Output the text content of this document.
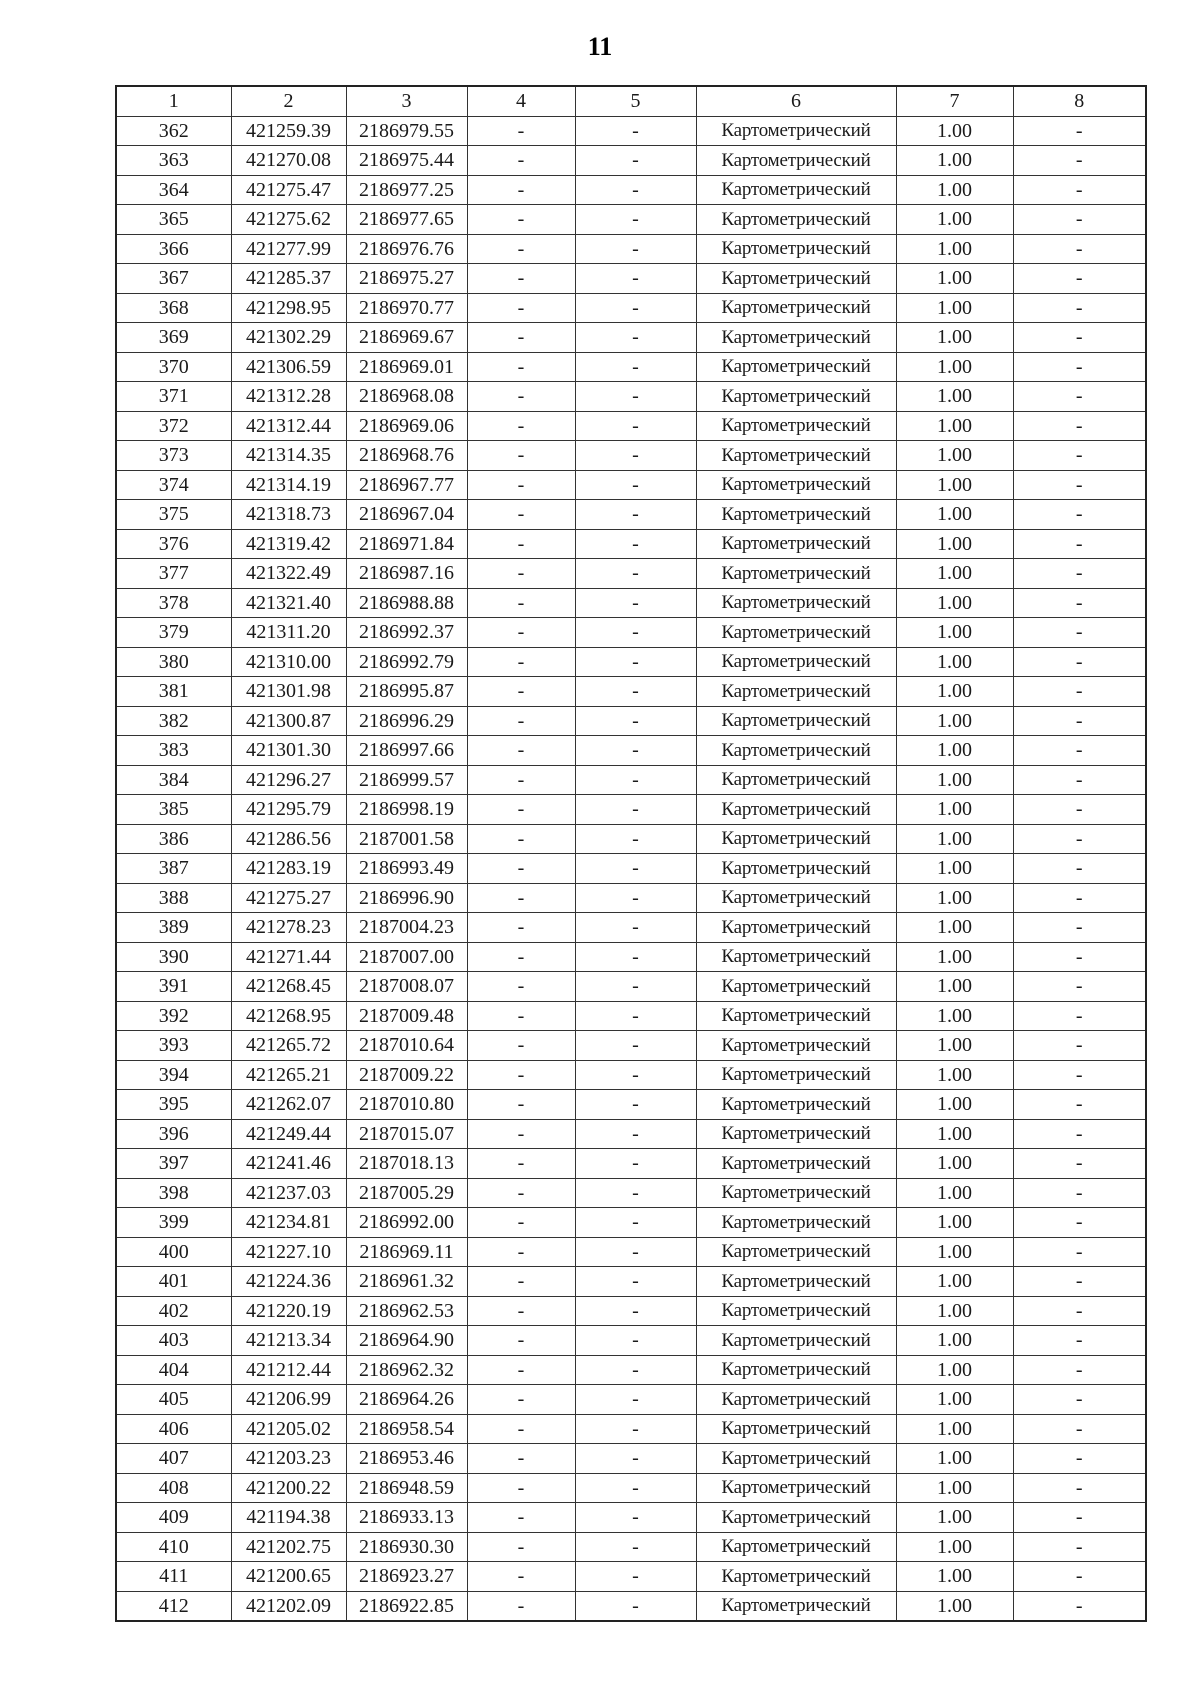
11
1	2	3	4	5	6	7	8
362	421259.39	2186979.55	-	-	Картометрический	1.00	-
363	421270.08	2186975.44	-	-	Картометрический	1.00	-
364	421275.47	2186977.25	-	-	Картометрический	1.00	-
365	421275.62	2186977.65	-	-	Картометрический	1.00	-
366	421277.99	2186976.76	-	-	Картометрический	1.00	-
367	421285.37	2186975.27	-	-	Картометрический	1.00	-
368	421298.95	2186970.77	-	-	Картометрический	1.00	-
369	421302.29	2186969.67	-	-	Картометрический	1.00	-
370	421306.59	2186969.01	-	-	Картометрический	1.00	-
371	421312.28	2186968.08	-	-	Картометрический	1.00	-
372	421312.44	2186969.06	-	-	Картометрический	1.00	-
373	421314.35	2186968.76	-	-	Картометрический	1.00	-
374	421314.19	2186967.77	-	-	Картометрический	1.00	-
375	421318.73	2186967.04	-	-	Картометрический	1.00	-
376	421319.42	2186971.84	-	-	Картометрический	1.00	-
377	421322.49	2186987.16	-	-	Картометрический	1.00	-
378	421321.40	2186988.88	-	-	Картометрический	1.00	-
379	421311.20	2186992.37	-	-	Картометрический	1.00	-
380	421310.00	2186992.79	-	-	Картометрический	1.00	-
381	421301.98	2186995.87	-	-	Картометрический	1.00	-
382	421300.87	2186996.29	-	-	Картометрический	1.00	-
383	421301.30	2186997.66	-	-	Картометрический	1.00	-
384	421296.27	2186999.57	-	-	Картометрический	1.00	-
385	421295.79	2186998.19	-	-	Картометрический	1.00	-
386	421286.56	2187001.58	-	-	Картометрический	1.00	-
387	421283.19	2186993.49	-	-	Картометрический	1.00	-
388	421275.27	2186996.90	-	-	Картометрический	1.00	-
389	421278.23	2187004.23	-	-	Картометрический	1.00	-
390	421271.44	2187007.00	-	-	Картометрический	1.00	-
391	421268.45	2187008.07	-	-	Картометрический	1.00	-
392	421268.95	2187009.48	-	-	Картометрический	1.00	-
393	421265.72	2187010.64	-	-	Картометрический	1.00	-
394	421265.21	2187009.22	-	-	Картометрический	1.00	-
395	421262.07	2187010.80	-	-	Картометрический	1.00	-
396	421249.44	2187015.07	-	-	Картометрический	1.00	-
397	421241.46	2187018.13	-	-	Картометрический	1.00	-
398	421237.03	2187005.29	-	-	Картометрический	1.00	-
399	421234.81	2186992.00	-	-	Картометрический	1.00	-
400	421227.10	2186969.11	-	-	Картометрический	1.00	-
401	421224.36	2186961.32	-	-	Картометрический	1.00	-
402	421220.19	2186962.53	-	-	Картометрический	1.00	-
403	421213.34	2186964.90	-	-	Картометрический	1.00	-
404	421212.44	2186962.32	-	-	Картометрический	1.00	-
405	421206.99	2186964.26	-	-	Картометрический	1.00	-
406	421205.02	2186958.54	-	-	Картометрический	1.00	-
407	421203.23	2186953.46	-	-	Картометрический	1.00	-
408	421200.22	2186948.59	-	-	Картометрический	1.00	-
409	421194.38	2186933.13	-	-	Картометрический	1.00	-
410	421202.75	2186930.30	-	-	Картометрический	1.00	-
411	421200.65	2186923.27	-	-	Картометрический	1.00	-
412	421202.09	2186922.85	-	-	Картометрический	1.00	-
